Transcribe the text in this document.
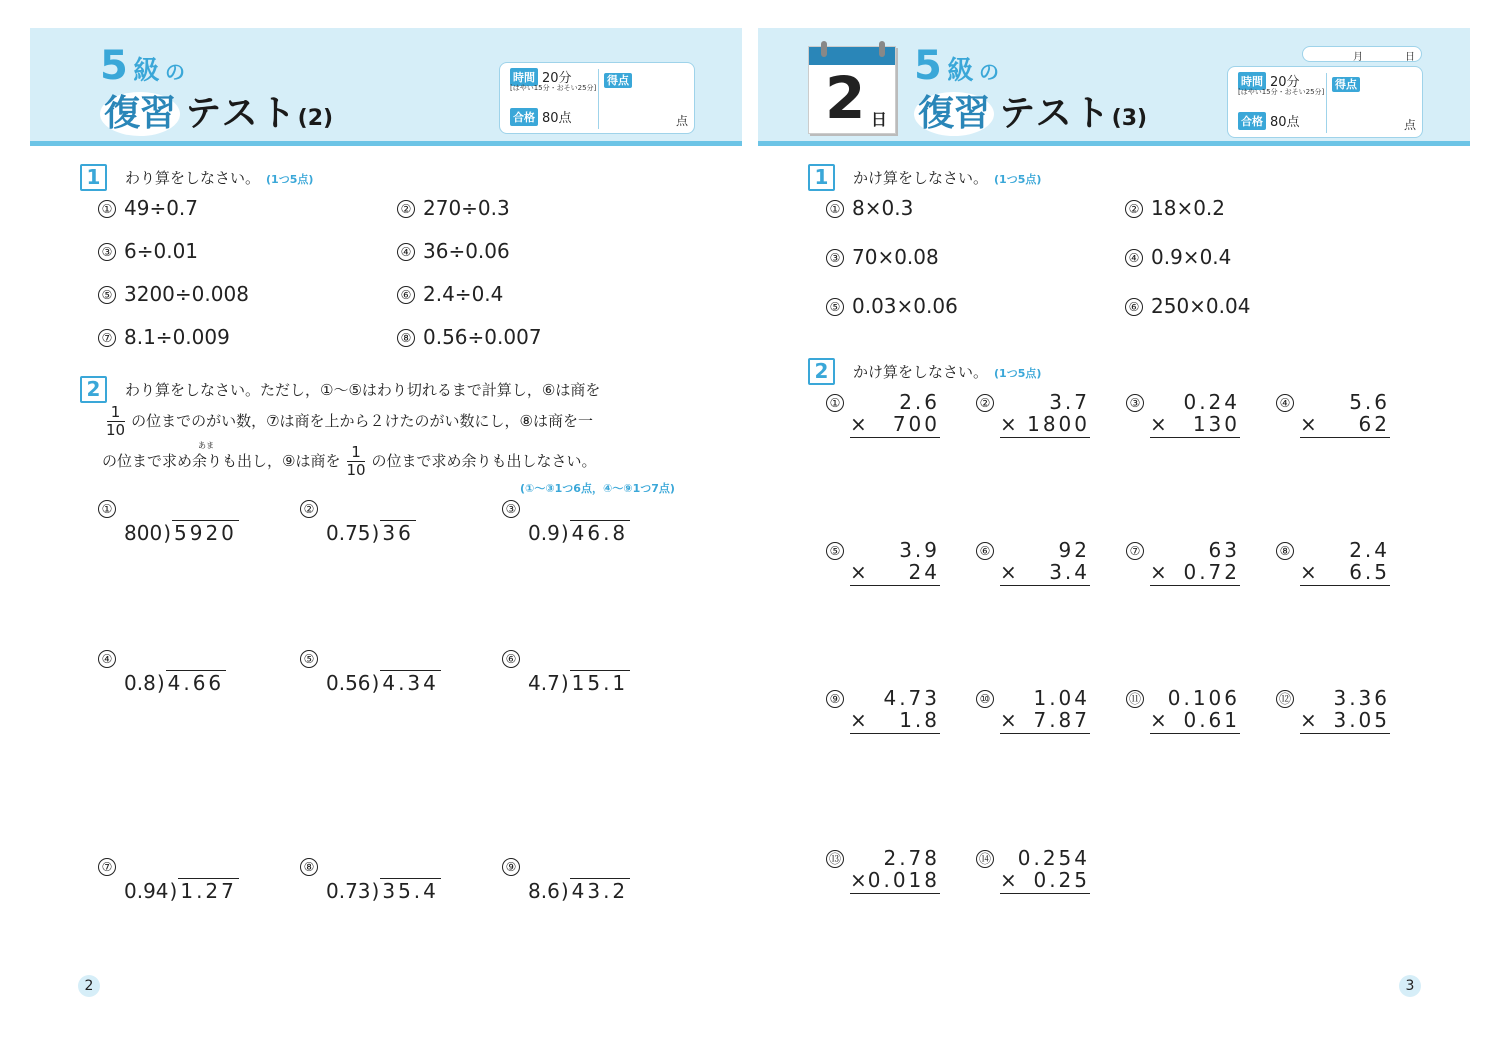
5 級 の
復習 テスト(2)
時間 20分
[はやい15分・おそい25分]
合格 80点
得点
点
1	わり算をしなさい。 (1つ5点)
① 49÷0.7	② 270÷0.3
③ 6÷0.01	④ 36÷0.06
⑤ 3200÷0.008	⑥ 2.4÷0.4
⑦ 8.1÷0.009	⑧ 0.56÷0.007
2	わり算をしなさい。ただし，①〜⑤はわり切れるまで計算し，⑥は商を
$\frac{1}{10}$ の位までのがい数，⑦は商を上から２けたのがい数にし，⑧は商を一
の位まで求め余りも出し，⑨は商を $\frac{1}{10}$ の位まで求め余りも出しなさい。
あま
(①〜③1つ6点，④〜⑨1つ7点)
①
800) 5920
②
0.75) 36
③
0.9) 46.8
④
0.8) 4.66
⑤
0.56) 4.34
⑥
4.7) 15.1
⑦
0.94) 1.27
⑧
0.73) 35.4
⑨
8.6) 43.2
2
2 日
5 級 の
復習 テスト(3)
月	日
時間 20分
[はやい15分・おそい25分]
合格 80点
得点
点
1	かけ算をしなさい。 (1つ5点)
① 8×0.3	② 18×0.2
③ 70×0.08	④ 0.9×0.4
⑤ 0.03×0.06	⑥ 250×0.04
2	かけ算をしなさい。 (1つ5点)
①	2.6
× 700
②	3.7
× 1800
③	0.24
× 130
④	5.6
× 62
⑤	3.9
× 24
⑥	92
× 3.4
⑦	63
× 0.72
⑧	2.4
× 6.5
⑨	4.73
× 1.8
⑩	1.04
× 7.87
⑪	0.106
× 0.61
⑫	3.36
× 3.05
⑬	2.78
×
0.018
⑭	0.254
× 0.25
3
